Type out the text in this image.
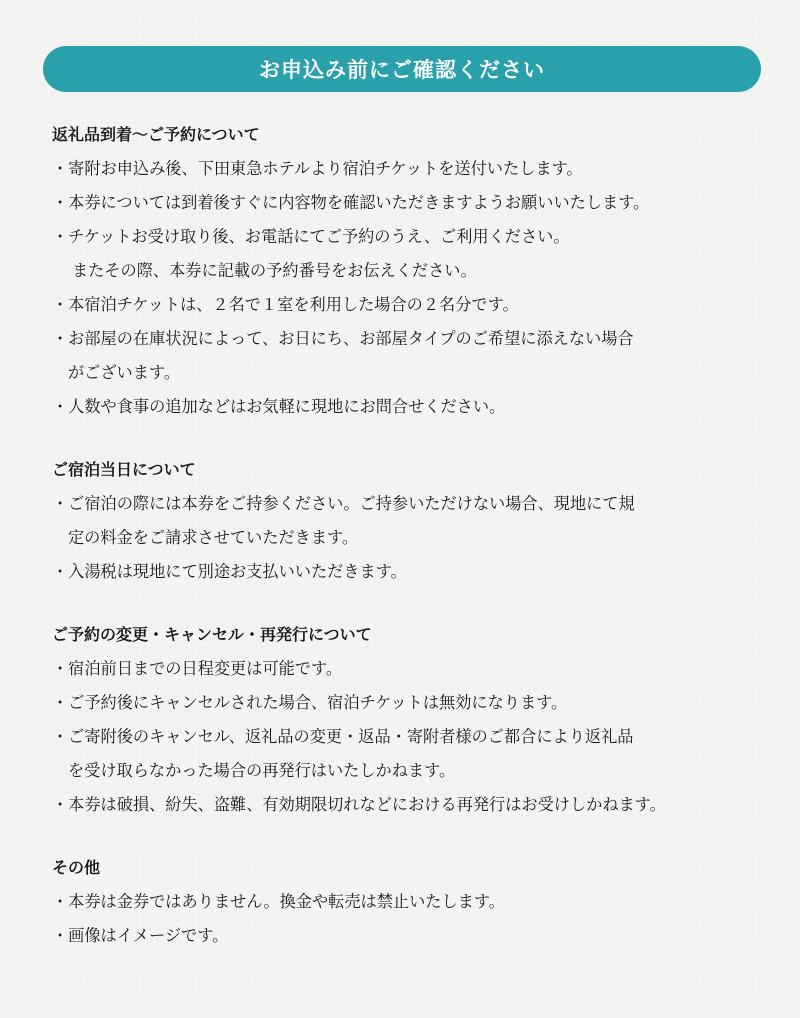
お申込み前にご確認ください
返礼品到着〜ご予約について
・寄附お申込み後、下田東急ホテルより宿泊チケットを送付いたします。
・本券については到着後すぐに内容物を確認いただきますようお願いいたします。
・チケットお受け取り後、お電話にてご予約のうえ、ご利用ください。
またその際、本券に記載の予約番号をお伝えください。
・本宿泊チケットは、２名で１室を利用した場合の２名分です。
・お部屋の在庫状況によって、お日にち、お部屋タイプのご希望に添えない場合
がございます。
・人数や食事の追加などはお気軽に現地にお問合せください。
ご宿泊当日について
・ご宿泊の際には本券をご持参ください。ご持参いただけない場合、現地にて規
定の料金をご請求させていただきます。
・入湯税は現地にて別途お支払いいただきます。
ご予約の変更・キャンセル・再発行について
・宿泊前日までの日程変更は可能です。
・ご予約後にキャンセルされた場合、宿泊チケットは無効になります。
・ご寄附後のキャンセル、返礼品の変更・返品・寄附者様のご都合により返礼品
を受け取らなかった場合の再発行はいたしかねます。
・本券は破損、紛失、盗難、有効期限切れなどにおける再発行はお受けしかねます。
その他
・本券は金券ではありません。換金や転売は禁止いたします。
・画像はイメージです。
